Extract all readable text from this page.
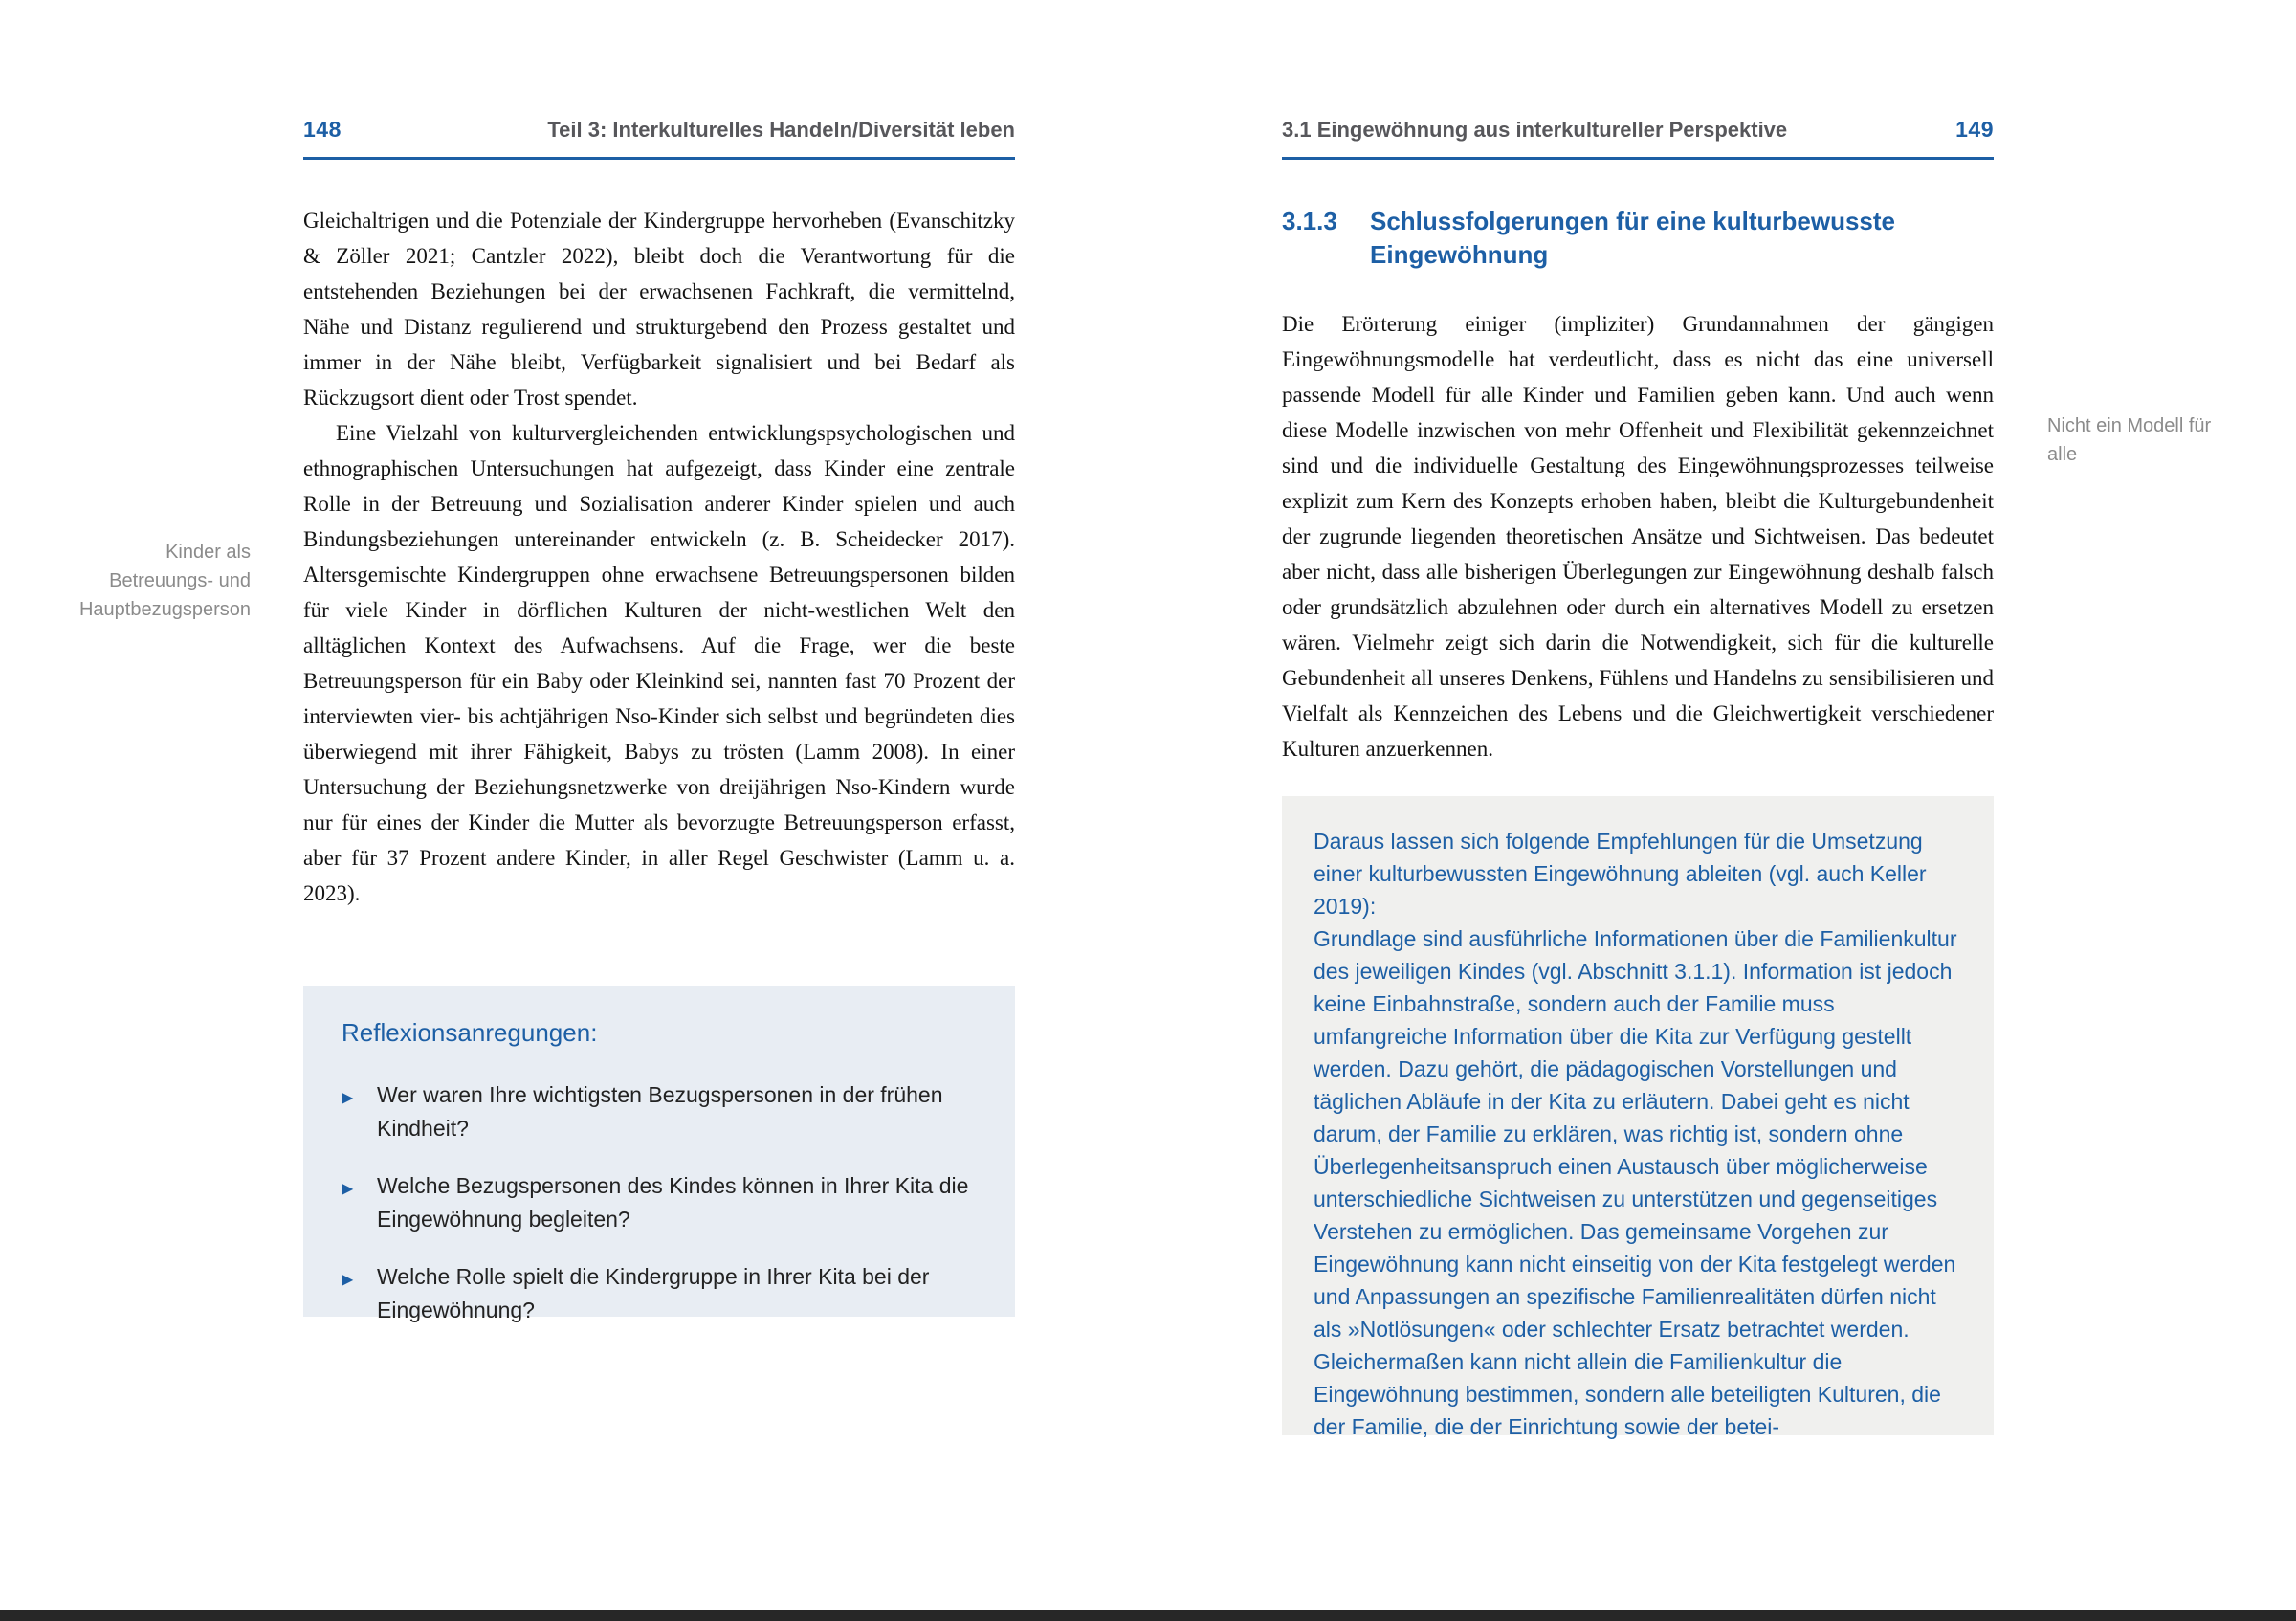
148	Teil 3: Interkulturelles Handeln/Diversität leben

Gleichaltrigen und die Potenziale der Kindergruppe hervorheben (Evanschitzky & Zöller 2021; Cantzler 2022), bleibt doch die Verantwortung für die entstehenden Beziehungen bei der erwachsenen Fachkraft, die vermittelnd, Nähe und Distanz regulierend und strukturgebend den Prozess gestaltet und immer in der Nähe bleibt, Verfügbarkeit signalisiert und bei Bedarf als Rückzugsort dient oder Trost spendet.

Eine Vielzahl von kulturvergleichenden entwicklungspsychologischen und ethnographischen Untersuchungen hat aufgezeigt, dass Kinder eine zentrale Rolle in der Betreuung und Sozialisation anderer Kinder spielen und auch Bindungsbeziehungen untereinander entwickeln (z. B. Scheidecker 2017). Altersgemischte Kindergruppen ohne erwachsene Betreuungspersonen bilden für viele Kinder in dörflichen Kulturen der nicht-westlichen Welt den alltäglichen Kontext des Aufwachsens. Auf die Frage, wer die beste Betreuungsperson für ein Baby oder Kleinkind sei, nannten fast 70 Prozent der interviewten vier- bis achtjährigen Nso-Kinder sich selbst und begründeten dies überwiegend mit ihrer Fähigkeit, Babys zu trösten (Lamm 2008). In einer Untersuchung der Beziehungsnetzwerke von dreijährigen Nso-Kindern wurde nur für eines der Kinder die Mutter als bevorzugte Betreuungsperson erfasst, aber für 37 Prozent andere Kinder, in aller Regel Geschwister (Lamm u. a. 2023).

Kinder als Betreuungs- und Hauptbezugsperson
Reflexionsanregungen:
▶ Wer waren Ihre wichtigsten Bezugspersonen in der frühen Kindheit?
▶ Welche Bezugspersonen des Kindes können in Ihrer Kita die Eingewöhnung begleiten?
▶ Welche Rolle spielt die Kindergruppe in Ihrer Kita bei der Eingewöhnung?
3.1 Eingewöhnung aus interkultureller Perspektive	149
3.1.3	Schlussfolgerungen für eine kulturbewusste Eingewöhnung

Die Erörterung einiger (impliziter) Grundannahmen der gängigen Eingewöhnungsmodelle hat verdeutlicht, dass es nicht das eine universell passende Modell für alle Kinder und Familien geben kann. Und auch wenn diese Modelle inzwischen von mehr Offenheit und Flexibilität gekennzeichnet sind und die individuelle Gestaltung des Eingewöhnungsprozesses teilweise explizit zum Kern des Konzepts erhoben haben, bleibt die Kulturgebundenheit der zugrunde liegenden theoretischen Ansätze und Sichtweisen. Das bedeutet aber nicht, dass alle bisherigen Überlegungen zur Eingewöhnung deshalb falsch oder grundsätzlich abzulehnen oder durch ein alternatives Modell zu ersetzen wären. Vielmehr zeigt sich darin die Notwendigkeit, sich für die kulturelle Gebundenheit all unseres Denkens, Fühlens und Handelns zu sensibilisieren und Vielfalt als Kennzeichen des Lebens und die Gleichwertigkeit verschiedener Kulturen anzuerkennen.

Nicht ein Modell für alle

Daraus lassen sich folgende Empfehlungen für die Umsetzung einer kulturbewussten Eingewöhnung ableiten (vgl. auch Keller 2019):

Grundlage sind ausführliche Informationen über die Familienkultur des jeweiligen Kindes (vgl. Abschnitt 3.1.1). Information ist jedoch keine Einbahnstraße, sondern auch der Familie muss umfangreiche Information über die Kita zur Verfügung gestellt werden. Dazu gehört, die pädagogischen Vorstellungen und täglichen Abläufe in der Kita zu erläutern. Dabei geht es nicht darum, der Familie zu erklären, was richtig ist, sondern ohne Überlegenheitsanspruch einen Austausch über möglicherweise unterschiedliche Sichtweisen zu unterstützen und gegenseitiges Verstehen zu ermöglichen. Das gemeinsame Vorgehen zur Eingewöhnung kann nicht einseitig von der Kita festgelegt werden und Anpassungen an spezifische Familienrealitäten dürfen nicht als »Notlösungen« oder schlechter Ersatz betrachtet werden. Gleichermaßen kann nicht allein die Familienkultur die Eingewöhnung bestimmen, sondern alle beteiligten Kulturen, die der Familie, die der Einrichtung sowie der betei-
